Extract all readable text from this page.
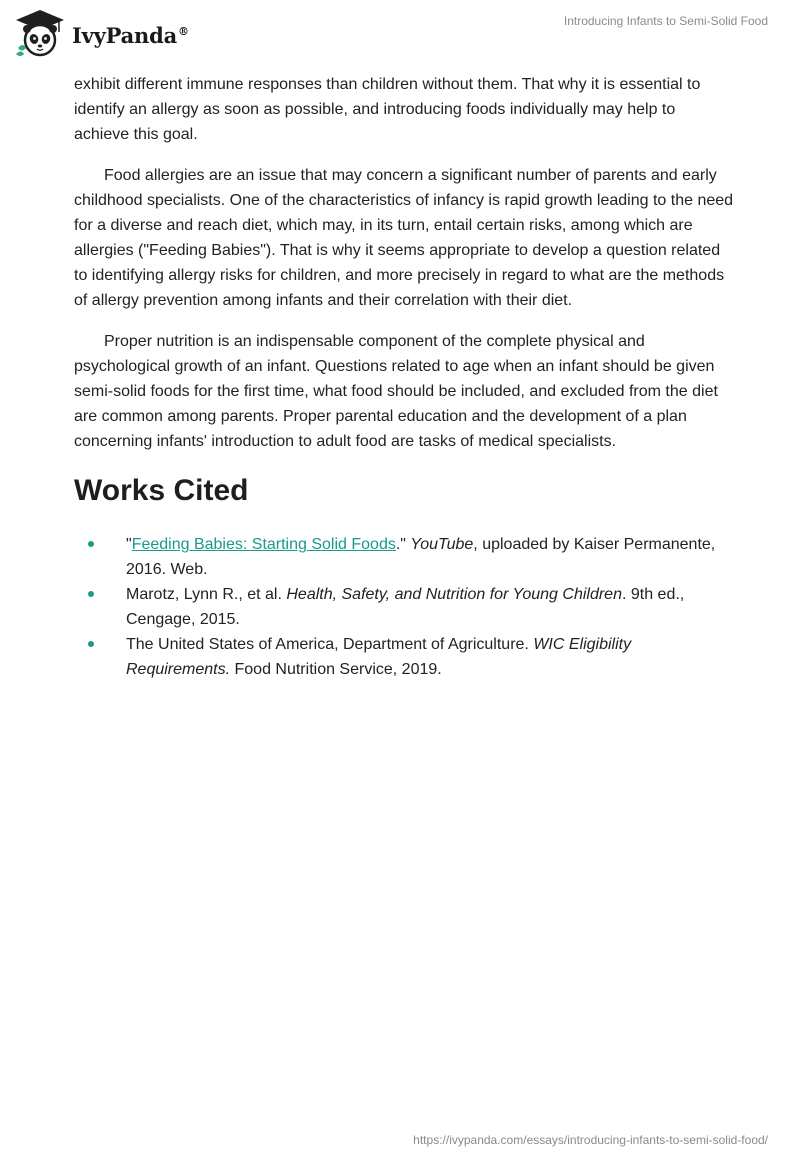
IvyPanda®
Introducing Infants to Semi-Solid Food

exhibit different immune responses than children without them. That why it is essential to identify an allergy as soon as possible, and introducing foods individually may help to achieve this goal.

Food allergies are an issue that may concern a significant number of parents and early childhood specialists. One of the characteristics of infancy is rapid growth leading to the need for a diverse and reach diet, which may, in its turn, entail certain risks, among which are allergies ("Feeding Babies"). That is why it seems appropriate to develop a question related to identifying allergy risks for children, and more precisely in regard to what are the methods of allergy prevention among infants and their correlation with their diet.

Proper nutrition is an indispensable component of the complete physical and psychological growth of an infant. Questions related to age when an infant should be given semi-solid foods for the first time, what food should be included, and excluded from the diet are common among parents. Proper parental education and the development of a plan concerning infants' introduction to adult food are tasks of medical specialists.

Works Cited
"Feeding Babies: Starting Solid Foods." YouTube, uploaded by Kaiser Permanente, 2016. Web.
Marotz, Lynn R., et al. Health, Safety, and Nutrition for Young Children. 9th ed., Cengage, 2015.
The United States of America, Department of Agriculture. WIC Eligibility Requirements. Food Nutrition Service, 2019.
https://ivypanda.com/essays/introducing-infants-to-semi-solid-food/
